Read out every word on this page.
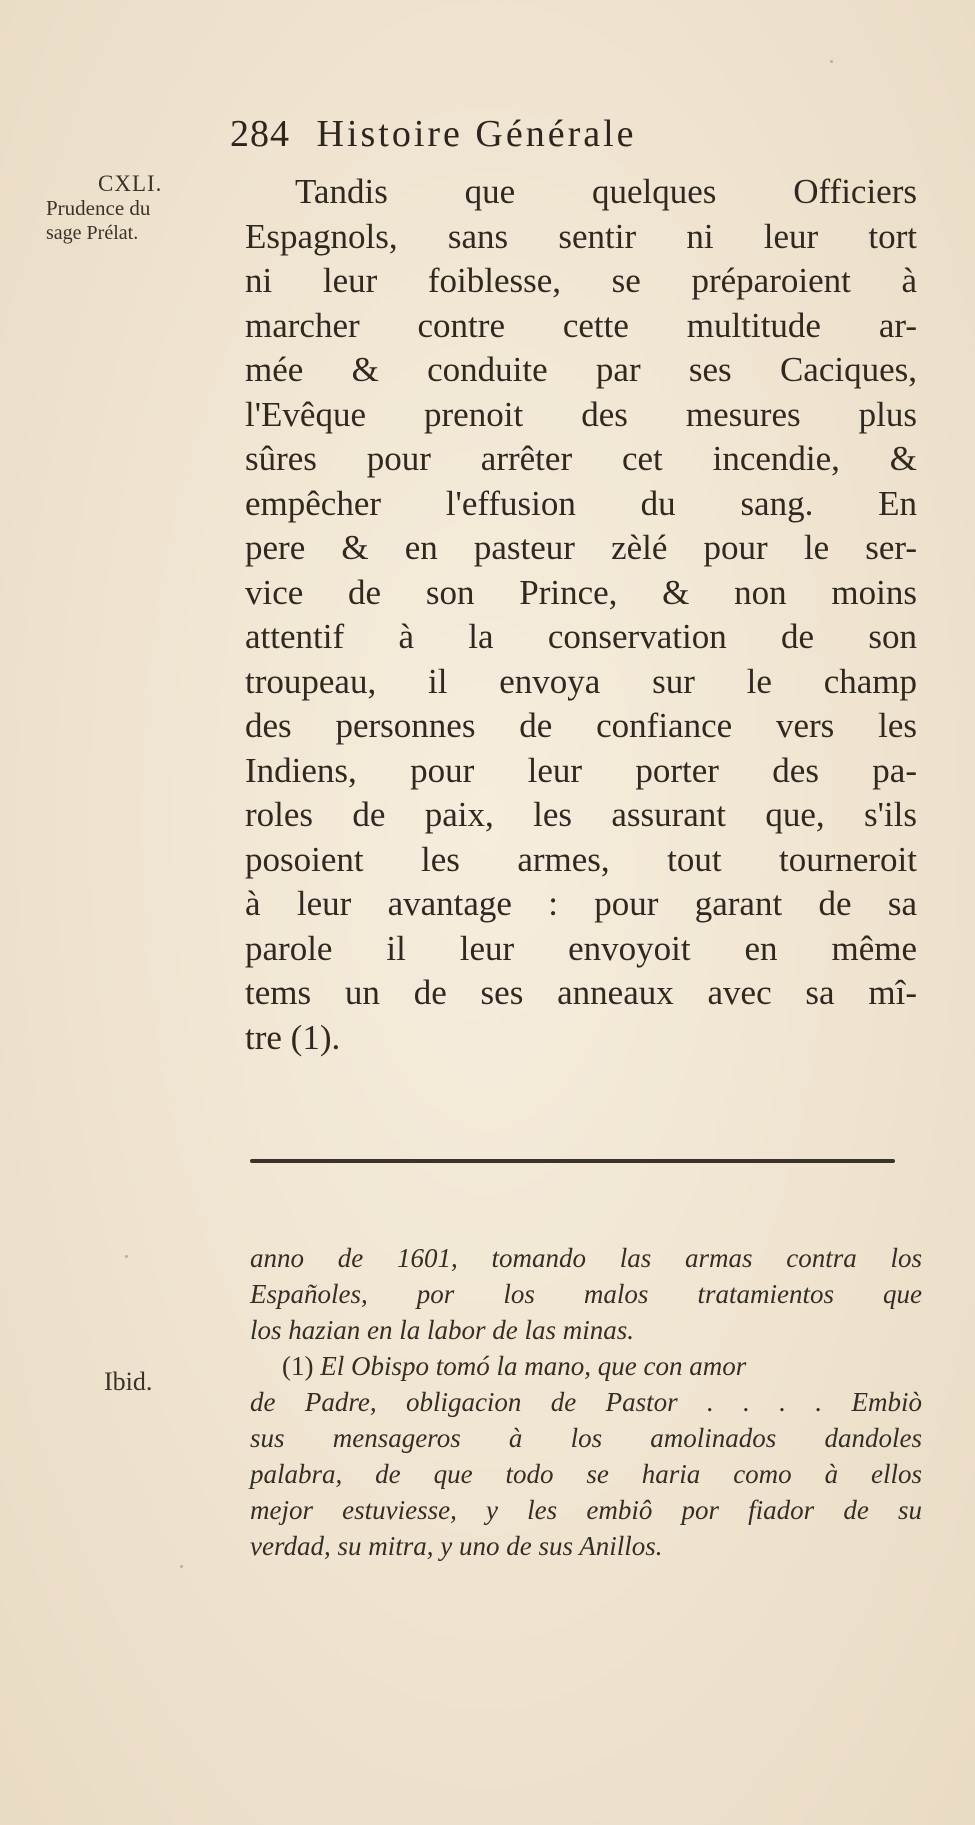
284 Histoire Générale
CXLI.
Prudence du
sage Prélat.
Tandis que quelques Officiers
Espagnols, sans sentir ni leur tort
ni leur foiblesse, se préparoient à
marcher contre cette multitude ar-
mée & conduite par ses Caciques,
l'Evêque prenoit des mesures plus
sûres pour arrêter cet incendie, &
empêcher l'effusion du sang. En
pere & en pasteur zèlé pour le ser-
vice de son Prince, & non moins
attentif à la conservation de son
troupeau, il envoya sur le champ
des personnes de confiance vers les
Indiens, pour leur porter des pa-
roles de paix, les assurant que, s'ils
posoient les armes, tout tourneroit
à leur avantage : pour garant de sa
parole il leur envoyoit en même
tems un de ses anneaux avec sa mî-
tre (1).
anno de 1601, tomando las armas contra los
Españoles, por los malos tratamientos que
los hazian en la labor de las minas.
(1) El Obispo tomó la mano, que con amor
de Padre, obligacion de Pastor . . . . Embiò
sus mensageros à los amolinados dandoles
palabra, de que todo se haria como à ellos
mejor estuviesse, y les embiô por fiador de su
verdad, su mitra, y uno de sus Anillos.
Ibid.
